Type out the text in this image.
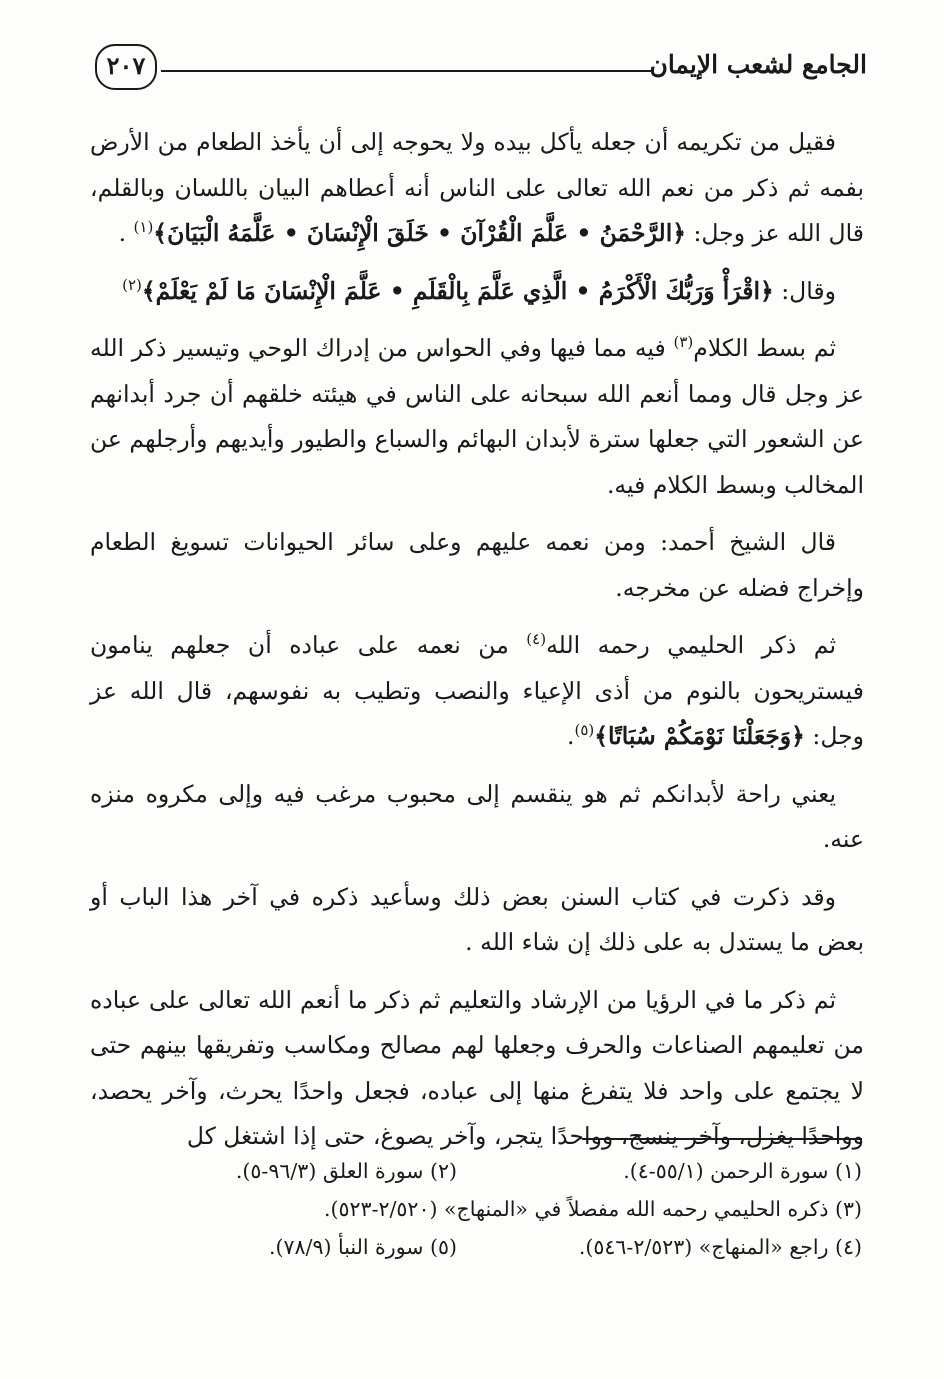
الجامع لشعب الإيمان
٢٠٧

فقيل من تكريمه أن جعله يأكل بيده ولا يحوجه إلى أن يأخذ الطعام من الأرض بفمه ثم ذكر من نعم الله تعالى على الناس أنه أعطاهم البيان باللسان وبالقلم، قال الله عز وجل: ﴿الرَّحْمَنُ • عَلَّمَ الْقُرْآنَ • خَلَقَ الْإِنْسَانَ • عَلَّمَهُ الْبَيَانَ﴾$^{(١)}$ .

وقال: ﴿اقْرَأْ وَرَبُّكَ الْأَكْرَمُ • الَّذِي عَلَّمَ بِالْقَلَمِ • عَلَّمَ الْإِنْسَانَ مَا لَمْ يَعْلَمْ﴾$^{(٢)}$

ثم بسط الكلام$^{(٣)}$ فيه مما فيها وفي الحواس من إدراك الوحي وتيسير ذكر الله عز وجل قال ومما أنعم الله سبحانه على الناس في هيئته خلقهم أن جرد أبدانهم عن الشعور التي جعلها سترة لأبدان البهائم والسباع والطيور وأيديهم وأرجلهم عن المخالب وبسط الكلام فيه.

قال الشيخ أحمد: ومن نعمه عليهم وعلى سائر الحيوانات تسويغ الطعام وإخراج فضله عن مخرجه.

ثم ذكر الحليمي رحمه الله$^{(٤)}$ من نعمه على عباده أن جعلهم ينامون فيستريحون بالنوم من أذى الإعياء والنصب وتطيب به نفوسهم، قال الله عز وجل: ﴿وَجَعَلْنَا نَوْمَكُمْ سُبَاتًا﴾$^{(٥)}$.

يعني راحة لأبدانكم ثم هو ينقسم إلى محبوب مرغب فيه وإلى مكروه منزه عنه.

وقد ذكرت في كتاب السنن بعض ذلك وسأعيد ذكره في آخر هذا الباب أو بعض ما يستدل به على ذلك إن شاء الله .

ثم ذكر ما في الرؤيا من الإرشاد والتعليم ثم ذكر ما أنعم الله تعالى على عباده من تعليمهم الصناعات والحرف وجعلها لهم مصالح ومكاسب وتفريقها بينهم حتى لا يجتمع على واحد فلا يتفرغ منها إلى عباده، فجعل واحدًا يحرث، وآخر يحصد، وواحدًا يغزل، وآخر ينسج، وواحدًا يتجر، وآخر يصوغ، حتى إذا اشتغل كل

(١) سورة الرحمن (٥٥/١-٤).
(٢) سورة العلق (٩٦/٣-٥).
(٣) ذكره الحليمي رحمه الله مفصلاً في «المنهاج» (٢/٥٢٠-٥٢٣).
(٤) راجع «المنهاج» (٢/٥٢٣-٥٤٦).
(٥) سورة النبأ (٧٨/٩).
